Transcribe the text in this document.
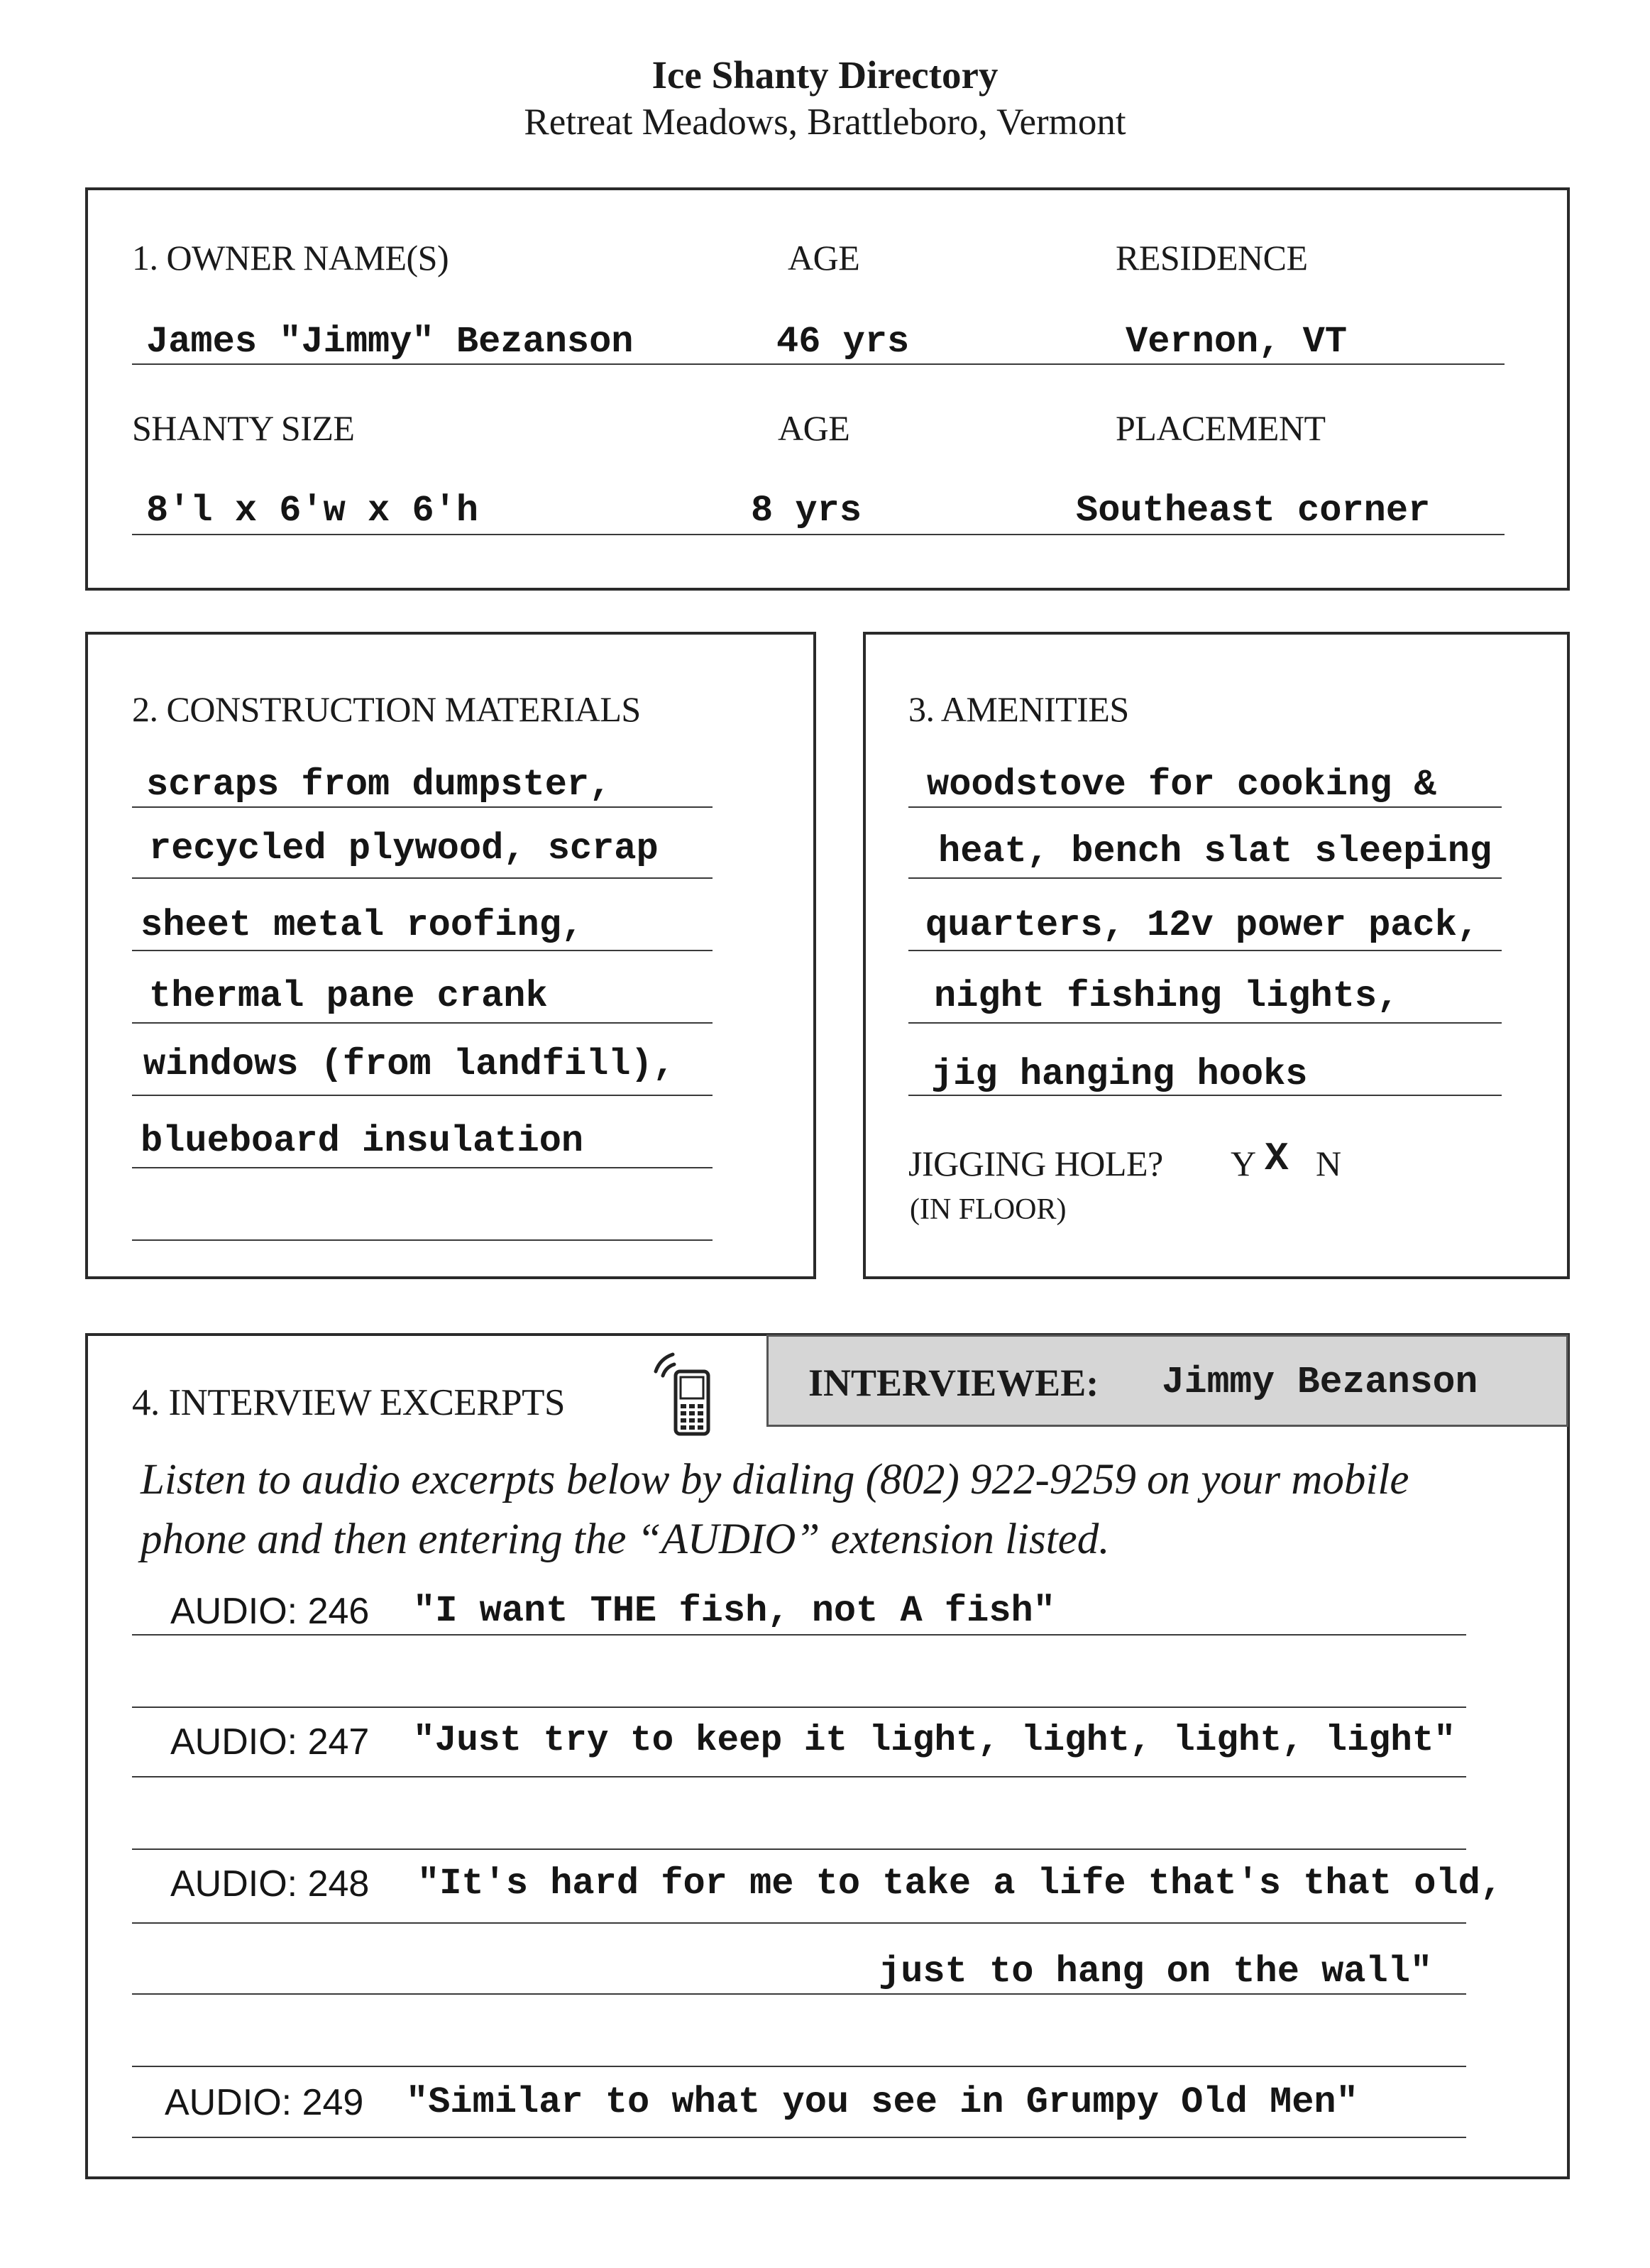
Ice Shanty Directory
Retreat Meadows, Brattleboro, Vermont
1. OWNER NAME(S)	AGE	RESIDENCE
James "Jimmy" Bezanson	46 yrs	Vernon, VT
SHANTY SIZE	AGE	PLACEMENT
8'l x 6'w x 6'h	8 yrs	Southeast corner
2. CONSTRUCTION MATERIALS
scraps from dumpster,
recycled plywood, scrap
sheet metal roofing,
thermal pane crank
windows (from landfill),
blueboard insulation
3. AMENITIES
woodstove for cooking &
heat, bench slat sleeping
quarters, 12v power pack,
night fishing lights,
jig hanging hooks
JIGGING HOLE? Y X N
(IN FLOOR)
INTERVIEWEE: Jimmy Bezanson
4. INTERVIEW EXCERPTS
Listen to audio excerpts below by dialing (802) 922-9259 on your mobile
phone and then entering the “AUDIO” extension listed.
AUDIO: 246 "I want THE fish, not A fish"
AUDIO: 247 "Just try to keep it light, light, light, light"
AUDIO: 248 "It's hard for me to take a life that's that old,
just to hang on the wall"
AUDIO: 249 "Similar to what you see in Grumpy Old Men"
